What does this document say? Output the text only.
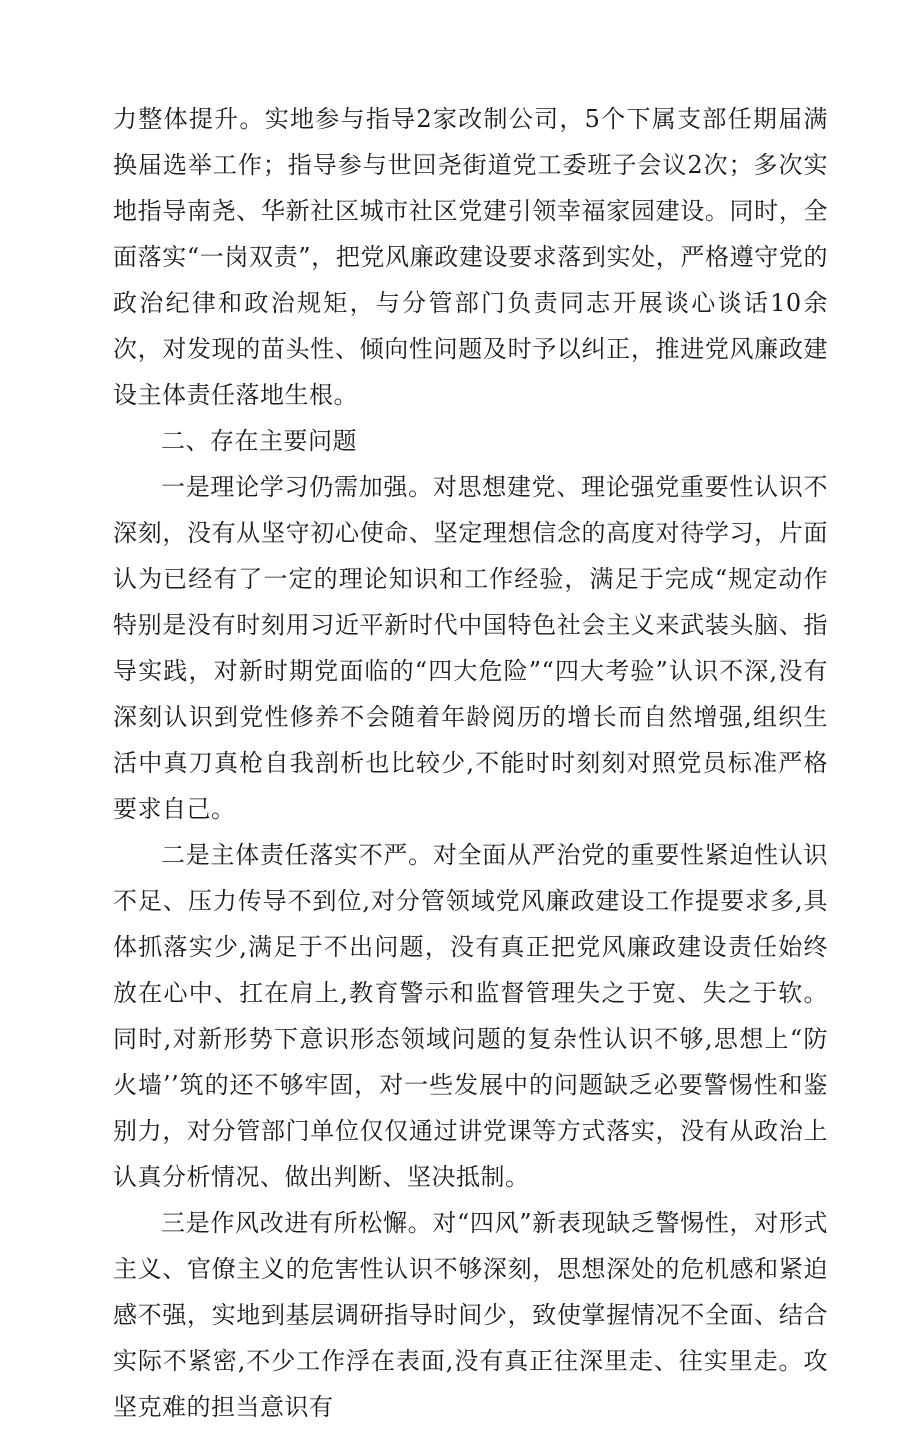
力整体提升。实地参与指导2家改制公司，5个下属支部任期届满换届选举工作；指导参与世回尧街道党工委班子会议2次；多次实地指导南尧、华新社区城市社区党建引领幸福家园建设。同时，全面落实“一岗双责”，把党风廉政建设要求落到实处，严格遵守党的政治纪律和政治规矩，与分管部门负责同志开展谈心谈话10余次，对发现的苗头性、倾向性问题及时予以纠正，推进党风廉政建设主体责任落地生根。

二、存在主要问题

一是理论学习仍需加强。对思想建党、理论强党重要性认识不深刻，没有从坚守初心使命、坚定理想信念的高度对待学习，片面认为已经有了一定的理论知识和工作经验，满足于完成“规定动作特别是没有时刻用习近平新时代中国特色社会主义来武装头脑、指导实践，对新时期党面临的“四大危险”“四大考验”认识不深,没有深刻认识到党性修养不会随着年龄阅历的增长而自然增强,组织生活中真刀真枪自我剖析也比较少,不能时时刻刻对照党员标准严格要求自己。

二是主体责任落实不严。对全面从严治党的重要性紧迫性认识不足、压力传导不到位,对分管领域党风廉政建设工作提要求多,具体抓落实少,满足于不出问题，没有真正把党风廉政建设责任始终放在心中、扛在肩上,教育警示和监督管理失之于宽、失之于软。同时,对新形势下意识形态领域问题的复杂性认识不够,思想上“防火墙’’筑的还不够牢固，对一些发展中的问题缺乏必要警惕性和鉴别力，对分管部门单位仅仅通过讲党课等方式落实，没有从政治上认真分析情况、做出判断、坚决抵制。

三是作风改进有所松懈。对“四风”新表现缺乏警惕性，对形式主义、官僚主义的危害性认识不够深刻，思想深处的危机感和紧迫感不强，实地到基层调研指导时间少，致使掌握情况不全面、结合实际不紧密,不少工作浮在表面,没有真正往深里走、往实里走。攻坚克难的担当意识有
